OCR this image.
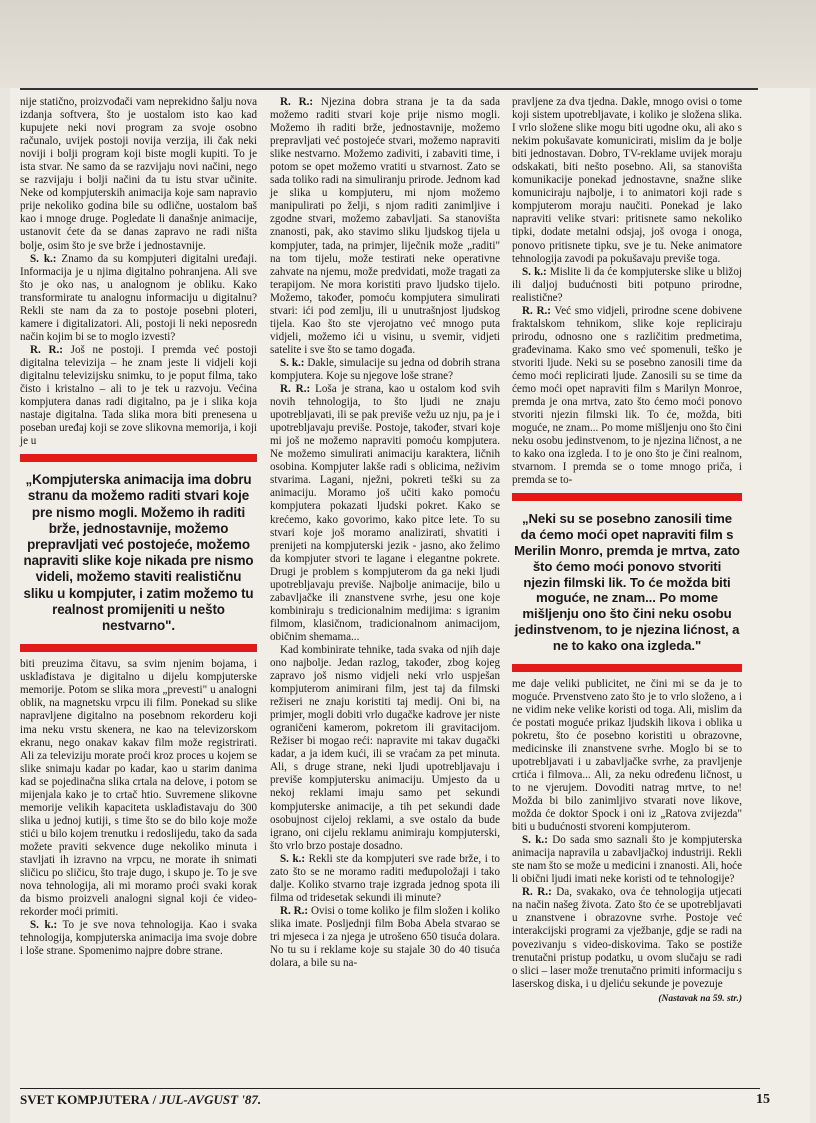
nije statično, proizvođači vam neprekidno šalju nova izdanja softvera, što je uostalom isto kao kad kupujete neki novi program za svoje osobno računalo, uvijek postoji novija verzija, ili čak neki noviji i bolji program koji biste mogli kupiti. To je ista stvar. Ne samo da se razvijaju novi načini, nego se razvijaju i bolji načini da tu istu stvar učinite. Neke od kompjuterskih animacija koje sam napravio prije nekoliko godina bile su odlične, uostalom baš kao i mnoge druge. Pogledate li današnje animacije, ustanovit ćete da se danas zapravo ne radi ništa bolje, osim što je sve brže i jednostavnije.

S. k.: Znamo da su kompjuteri digitalni uređaji. Informacija je u njima digitalno pohranjena. Ali sve što je oko nas, u analognom je obliku. Kako transformirate tu analognu informaciju u digitalnu? Rekli ste nam da za to postoje posebni ploteri, kamere i digitalizatori. Ali, postoji li neki neposredn način kojim bi se to moglo izvesti?

R. R.: Još ne postoji. I premda već postoji digitalna televizija – he znam jeste li vidjeli koji digitalnu televizijsku snimku, to je poput filma, tako čisto i kristalno – ali to je tek u razvoju. Većina kompjutera danas radi digitalno, pa je i slika koja nastaje digitalna. Tada slika mora biti prenesena u poseban uređaj koji se zove slikovna memorija, i koji je u

„Kompjuterska animacija ima dobru stranu da možemo raditi stvari koje pre nismo mogli. Možemo ih raditi brže, jednostavnije, možemo prepravljati već postojeće, možemo napraviti slike koje nikada pre nismo videli, možemo staviti realističnu sliku u kompjuter, i zatim možemo tu realnost promijeniti u nešto nestvarno".

biti preuzima čitavu, sa svim njenim bojama, i usklađistava je digitalno u dijelu kompjuterske memorije. Potom se slika mora „prevesti" u analogni oblik, na magnetsku vrpcu ili film. Ponekad su slike napravljene digitalno na posebnom rekorderu koji ima neku vrstu skenera, ne kao na televizorskom ekranu, nego onakav kakav film može registrirati. Ali za televiziju morate proći kroz proces u kojem se slike snimaju kadar po kadar, kao u starim danima kad se pojedinačna slika crtala na delove, i potom se mijenjala kako je to crtač htio. Suvremene slikovne memorije velikih kapaciteta usklađistavaju do 300 slika u jednoj kutiji, s time što se do bilo koje može stići u bilo kojem trenutku i redoslijedu, tako da sada možete praviti sekvence duge nekoliko minuta i stavljati ih izravno na vrpcu, ne morate ih snimati sličicu po sličicu, što traje dugo, i skupo je. To je sve nova tehnologija, ali mi moramo proći svaki korak da bismo proizveli analogni signal koji će video-rekorder moći primiti.

S. k.: To je sve nova tehnologija. Kao i svaka tehnologija, kompjuterska animacija ima svoje dobre i loše strane. Spomenimo najpre dobre strane.

R. R.: Njezina dobra strana je ta da sada možemo raditi stvari koje prije nismo mogli. Možemo ih raditi brže, jednostavnije, možemo prepravljati već postojeće stvari, možemo napraviti slike nestvarno. Možemo zadiviti, i zabaviti time, i potom se opet možemo vratiti u stvarnost. Zato se sada toliko radi na simuliranju prirode. Jednom kad je slika u kompjuteru, mi njom možemo manipulirati po želji, s njom raditi zanimljive i zgodne stvari, možemo zabavljati. Sa stanovišta znanosti, pak, ako stavimo sliku ljudskog tijela u kompjuter, tada, na primjer, liječnik može „raditi" na tom tijelu, može testirati neke operativne zahvate na njemu, može predvidati, može tragati za terapijom. Ne mora koristiti pravo ljudsko tijelo. Možemo, također, pomoću kompjutera simulirati stvari: ići pod zemlju, ili u unutrašnjost ljudskog tijela. Kao što ste vjerojatno već mnogo puta vidjeli, možemo ići u visinu, u svemir, vidjeti satelite i sve što se tamo događa.

S. k.: Dakle, simulacije su jedna od dobrih strana kompjutera. Koje su njegove loše strane?

R. R.: Loša je strana, kao u ostalom kod svih novih tehnologija, to što ljudi ne znaju upotrebljavati, ili se pak previše vežu uz nju, pa je i upotrebljavaju previše. Postoje, također, stvari koje mi još ne možemo napraviti pomoću kompjutera. Ne možemo simulirati animaciju karaktera, ličnih osobina. Kompjuter lakše radi s oblicima, neživim stvarima. Lagani, nježni, pokreti teški su za animaciju. Moramo još učiti kako pomoću kompjutera pokazati ljudski pokret. Kako se krećemo, kako govorimo, kako pitce lete. To su stvari koje još moramo analizirati, shvatiti i prenijeti na kompjuterski jezik - jasno, ako želimo da kompjuter stvori te lagane i elegantne pokrete. Drugi je problem s kompjuterom da ga neki ljudi upotrebljavaju previše. Najbolje animacije, bilo u zabavljačke ili znanstvene svrhe, jesu one koje kombiniraju s tredicionalnim medijima: s igranim filmom, klasičnom, tradicionalnom animacijom, običnim shemama...

Kad kombinirate tehnike, tada svaka od njih daje ono najbolje. Jedan razlog, također, zbog kojeg zapravo još nismo vidjeli neki vrlo uspješan kompjuterom animirani film, jest taj da filmski režiseri ne znaju koristiti taj medij. Oni bi, na primjer, mogli dobiti vrlo dugačke kadrove jer niste ograničeni kamerom, pokretom ili gravitacijom. Režiser bi mogao reći: napravite mi takav dugački kadar, a ja idem kući, ili se vraćam za pet minuta. Ali, s druge strane, neki ljudi upotrebljavaju i previše kompjutersku animaciju. Umjesto da u nekoj reklami imaju samo pet sekundi kompjuterske animacije, a tih pet sekundi dade osobujnost cijeloj reklami, a sve ostalo da bude igrano, oni cijelu reklamu animiraju kompjuterski, što vrlo brzo postaje dosadno.

S. k.: Rekli ste da kompjuteri sve rade brže, i to zato što se ne moramo raditi međupoložaji i tako dalje. Koliko stvarno traje izgrada jednog spota ili filma od tridesetak sekundi ili minute?

R. R.: Ovisi o tome koliko je film složen i koliko slika imate. Posljednji film Boba Abela stvarao se tri mjeseca i za njega je utrošeno 650 tisuća dolara. No tu su i reklame koje su stajale 30 do 40 tisuća dolara, a bile su na-

pravljene za dva tjedna. Dakle, mnogo ovisi o tome koji sistem upotrebljavate, i koliko je složena slika. I vrlo složene slike mogu biti ugodne oku, ali ako s nekim pokušavate komunicirati, mislim da je bolje biti jednostavan. Dobro, TV-reklame uvijek moraju odskakati, biti nešto posebno. Ali, sa stanovišta komunikacije ponekad jednostavne, snažne slike komuniciraju najbolje, i to animatori koji rade s kompjuterom moraju naučiti. Ponekad je lako napraviti velike stvari: pritisnete samo nekoliko tipki, dodate metalni odsjaj, još ovoga i onoga, ponovo pritisnete tipku, sve je tu. Neke animatore tehnologija zavodi pa pokušavaju previše toga.

S. k.: Mislite li da će kompjuterske slike u bližoj ili daljoj budućnosti biti potpuno prirodne, realistične?

R. R.: Već smo vidjeli, prirodne scene dobivene fraktalskom tehnikom, slike koje repliciraju prirodu, odnosno one s različitim predmetima, građevinama. Kako smo već spomenuli, teško je stvoriti ljude. Neki su se posebno zanosili time da ćemo moći replicirati ljude. Zanosili su se time da ćemo moći opet napraviti film s Marilyn Monroe, premda je ona mrtva, zato što ćemo moći ponovo stvoriti njezin filmski lik. To će, možda, biti moguće, ne znam... Po mome mišljenju ono što čini neku osobu jedinstvenom, to je njezina ličnost, a ne to kako ona izgleda. I to je ono što je čini realnom, stvarnom. I premda se o tome mnogo priča, i premda se to-

„Neki su se posebno zanosili time da ćemo moći opet napraviti film s Merilin Monro, premda je mrtva, zato što ćemo moći ponovo stvoriti njezin filmski lik. To će možda biti moguće, ne znam... Po mome mišljenju ono što čini neku osobu jedinstvenom, to je njezina lićnost, a ne to kako ona izgleda."

me daje veliki publicitet, ne čini mi se da je to moguće. Prvenstveno zato što je to vrlo složeno, a i ne vidim neke velike koristi od toga. Ali, mislim da će postati moguće prikaz ljudskih likova i oblika u pokretu, što će posebno koristiti u obrazovne, medicinske ili znanstvene svrhe. Moglo bi se to upotrebljavati i u zabavljačke svrhe, za pravljenje crtića i filmova... Ali, za neku određenu ličnost, u to ne vjerujem. Dovoditi natrag mrtve, to ne! Možda bi bilo zanimljivo stvarati nove likove, možda će doktor Spock i oni iz „Ratova zvijezda" biti u budućnosti stvoreni kompjuterom.

S. k.: Do sada smo saznali što je kompjuterska animacija napravila u zabavljačkoj industriji. Rekli ste nam što se može u medicini i znanosti. Ali, hoće li obični ljudi imati neke koristi od te tehnologije?

R. R.: Da, svakako, ova će tehnologija utjecati na način našeg života. Zato što će se upotrebljavati u znanstvene i obrazovne svrhe. Postoje već interakcijski programi za vježbanje, gdje se radi na povezivanju s video-diskovima. Tako se postiže trenutačni pristup podatku, u ovom slučaju se radi o slici – laser može trenutačno primiti informaciju s laserskog diska, i u djeliću sekunde je povezuje

(Nastavak na 59. str.)
SVET KOMPJUTERA / JUL-AVGUST '87.	15
